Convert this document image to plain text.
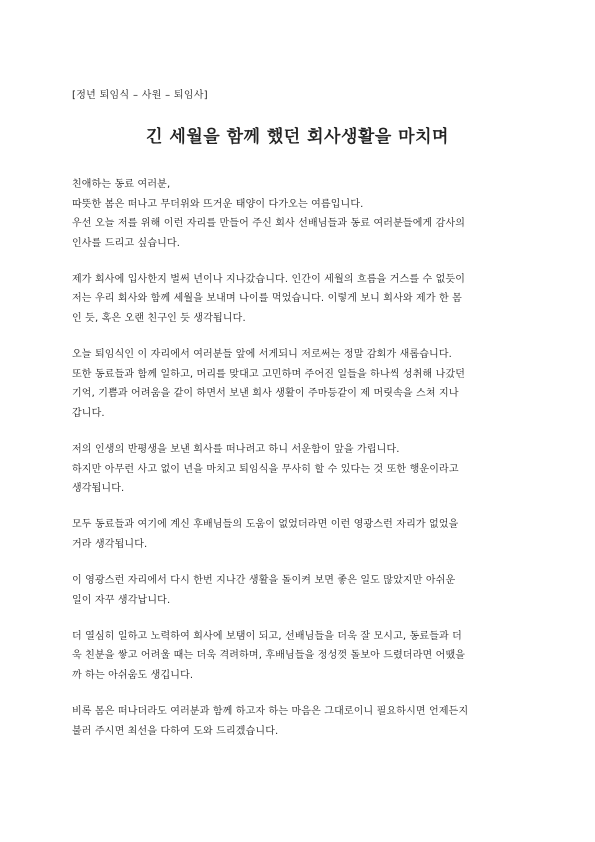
[정년 퇴임식 – 사원 – 퇴임사]
긴 세월을 함께 했던 회사생활을 마치며
친애하는 동료 여러분,
따뜻한 봄은 떠나고 무더위와 뜨거운 태양이 다가오는 여름입니다.
우선 오늘 저를 위해 이런 자리를 만들어 주신 회사 선배님들과 동료 여러분들에게 감사의
인사를 드리고 싶습니다.
제가 회사에 입사한지 벌써 년이나 지나갔습니다. 인간이 세월의 흐름을 거스를 수 없듯이
저는 우리 회사와 함께 세월을 보내며 나이를 먹었습니다. 이렇게 보니 회사와 제가 한 몸
인 듯, 혹은 오랜 친구인 듯 생각됩니다.
오늘 퇴임식인 이 자리에서 여러분들 앞에 서게되니 저로써는 정말 감회가 새롭습니다.
또한 동료들과 함께 일하고, 머리를 맞대고 고민하며 주어진 일들을 하나씩 성취해 나갔던
기억, 기쁨과 어려움을 같이 하면서 보낸 회사 생활이 주마등같이 제 머릿속을 스쳐 지나
갑니다.
저의 인생의 반평생을 보낸 회사를 떠나려고 하니 서운함이 앞을 가립니다.
하지만 아무런 사고 없이 년을 마치고 퇴임식을 무사히 할 수 있다는 것 또한 행운이라고
생각됩니다.
모두 동료들과 여기에 계신 후배님들의 도움이 없었더라면 이런 영광스런 자리가 없었을
거라 생각됩니다.
이 영광스런 자리에서 다시 한번 지나간 생활을 돌이켜 보면 좋은 일도 많았지만 아쉬운
일이 자꾸 생각납니다.
더 열심히 일하고 노력하여 회사에 보탬이 되고, 선배님들을 더욱 잘 모시고, 동료들과 더
욱 친분을 쌓고 어려울 때는 더욱 격려하며, 후배님들을 정성껏 돌보아 드렸더라면 어땠을
까 하는 아쉬움도 생깁니다.
비록 몸은 떠나더라도 여러분과 함께 하고자 하는 마음은 그대로이니 필요하시면 언제든지
불러 주시면 최선을 다하여 도와 드리겠습니다.
